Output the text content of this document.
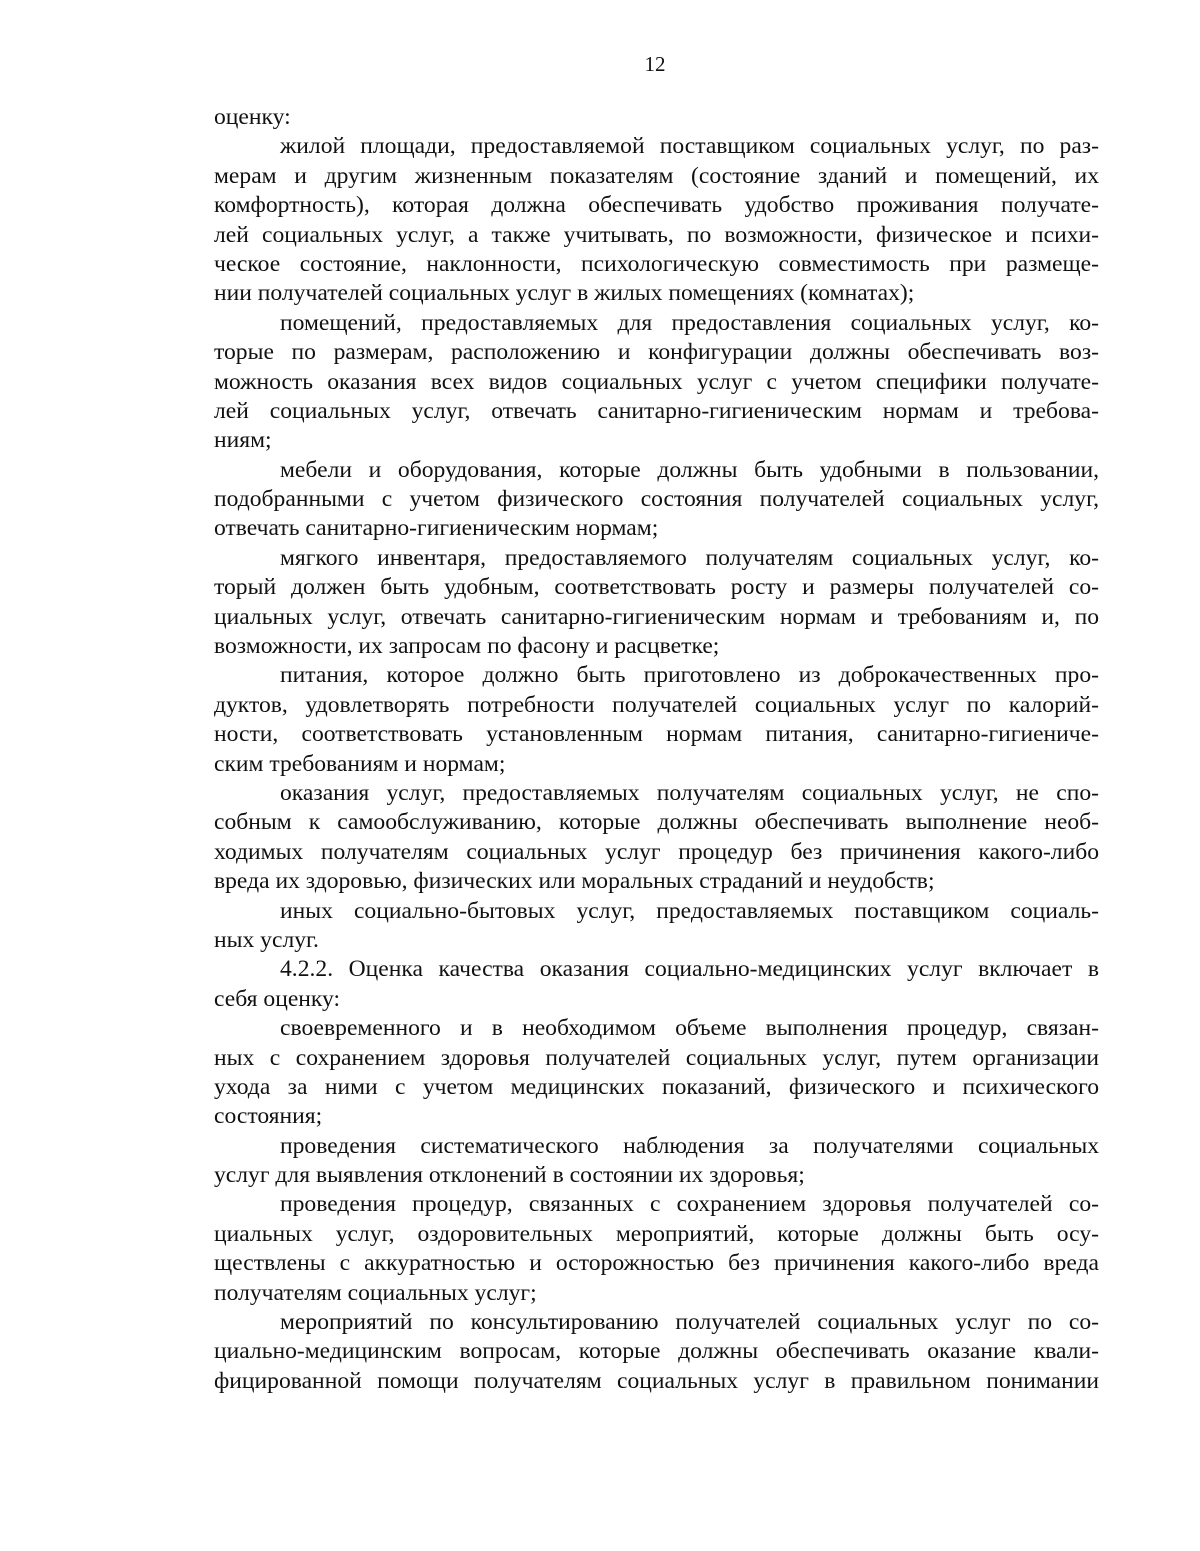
12
оценку:
жилой площади, предоставляемой поставщиком социальных услуг, по раз-
мерам и другим жизненным показателям (состояние зданий и помещений, их
комфортность), которая должна обеспечивать удобство проживания получате-
лей социальных услуг, а также учитывать, по возможности, физическое и психи-
ческое состояние, наклонности, психологическую совместимость при размеще-
нии получателей социальных услуг в жилых помещениях (комнатах);
помещений, предоставляемых для предоставления социальных услуг, ко-
торые по размерам, расположению и конфигурации должны обеспечивать воз-
можность оказания всех видов социальных услуг с учетом специфики получате-
лей социальных услуг, отвечать санитарно-гигиеническим нормам и требова-
ниям;
мебели и оборудования, которые должны быть удобными в пользовании,
подобранными с учетом физического состояния получателей социальных услуг,
отвечать санитарно-гигиеническим нормам;
мягкого инвентаря, предоставляемого получателям социальных услуг, ко-
торый должен быть удобным, соответствовать росту и размеры получателей со-
циальных услуг, отвечать санитарно-гигиеническим нормам и требованиям и, по
возможности, их запросам по фасону и расцветке;
питания, которое должно быть приготовлено из доброкачественных про-
дуктов, удовлетворять потребности получателей социальных услуг по калорий-
ности, соответствовать установленным нормам питания, санитарно-гигиениче-
ским требованиям и нормам;
оказания услуг, предоставляемых получателям социальных услуг, не спо-
собным к самообслуживанию, которые должны обеспечивать выполнение необ-
ходимых получателям социальных услуг процедур без причинения какого-либо
вреда их здоровью, физических или моральных страданий и неудобств;
иных социально-бытовых услуг, предоставляемых поставщиком социаль-
ных услуг.
4.2.2. Оценка качества оказания социально-медицинских услуг включает в
себя оценку:
своевременного и в необходимом объеме выполнения процедур, связан-
ных с сохранением здоровья получателей социальных услуг, путем организации
ухода за ними с учетом медицинских показаний, физического и психического
состояния;
проведения систематического наблюдения за получателями социальных
услуг для выявления отклонений в состоянии их здоровья;
проведения процедур, связанных с сохранением здоровья получателей со-
циальных услуг, оздоровительных мероприятий, которые должны быть осу-
ществлены с аккуратностью и осторожностью без причинения какого-либо вреда
получателям социальных услуг;
мероприятий по консультированию получателей социальных услуг по со-
циально-медицинским вопросам, которые должны обеспечивать оказание квали-
фицированной помощи получателям социальных услуг в правильном понимании
